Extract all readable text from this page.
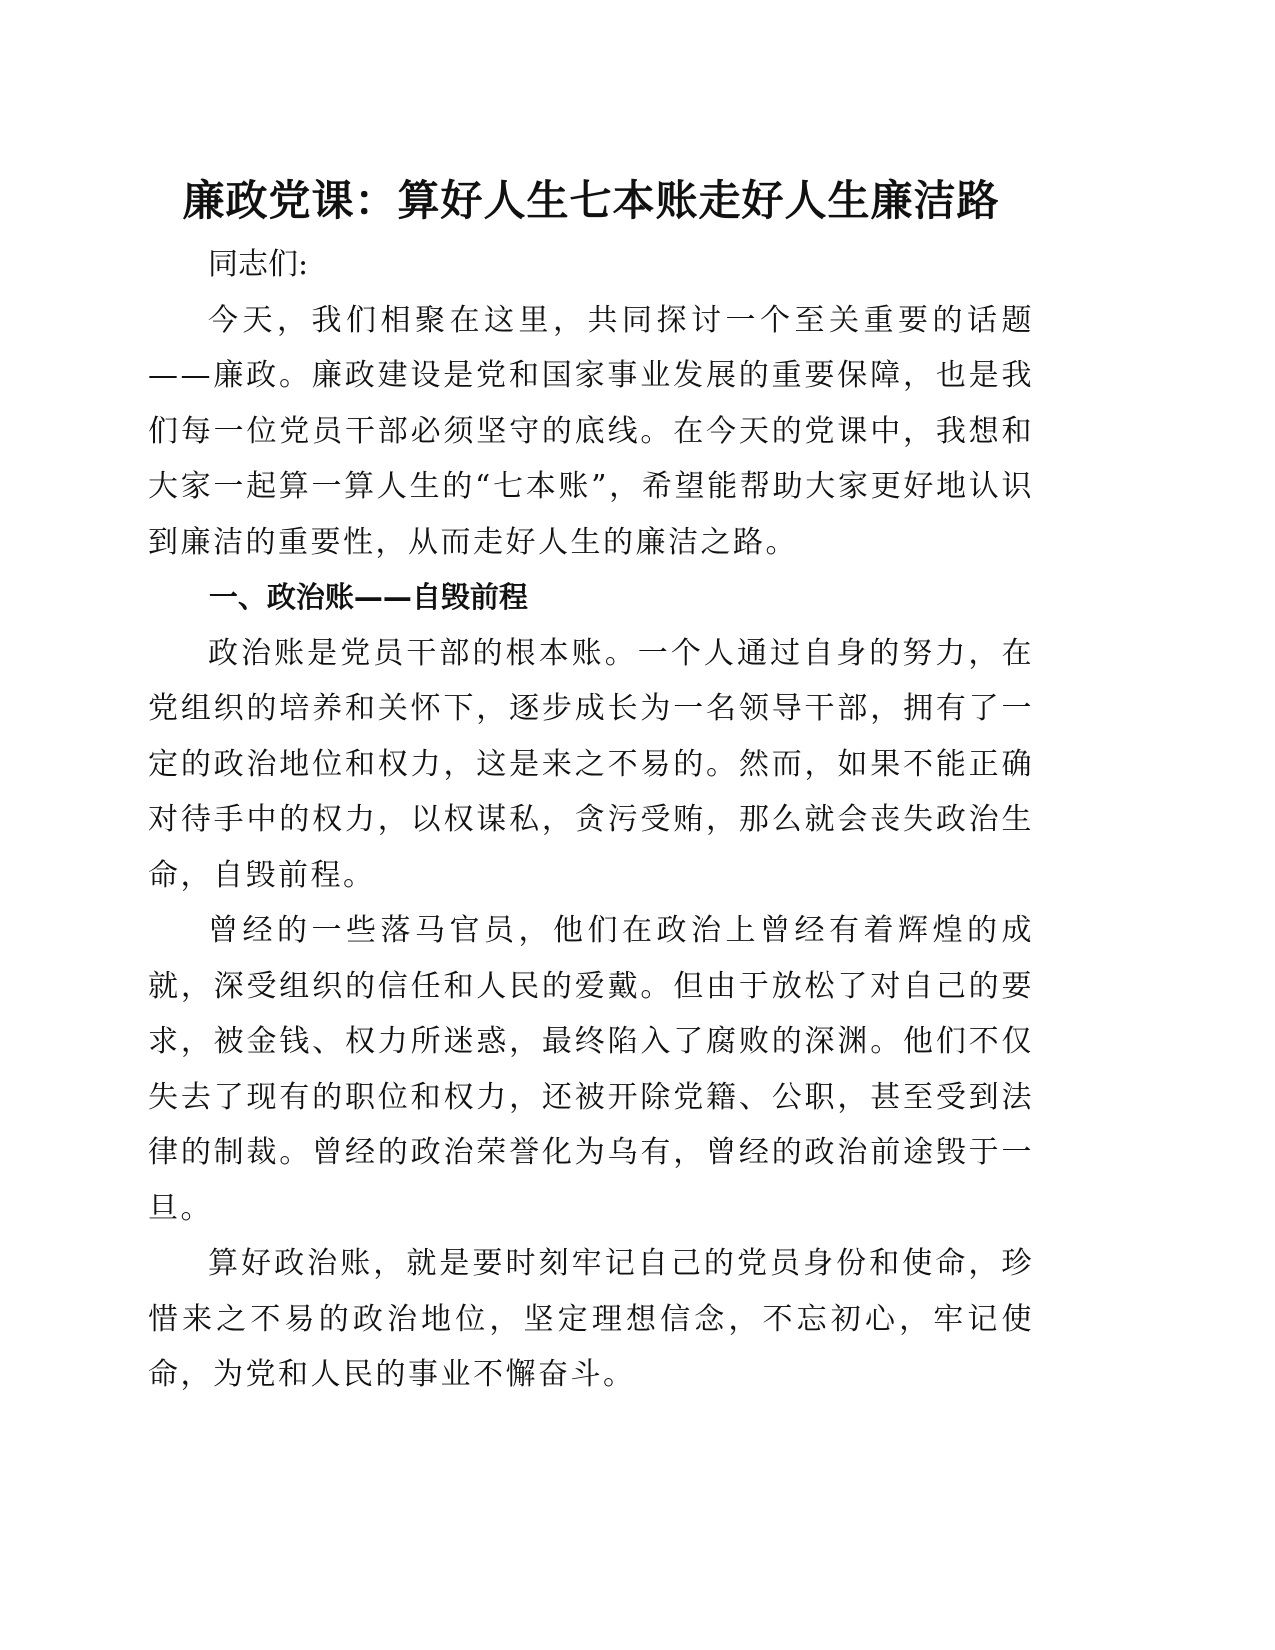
廉政党课：算好人生七本账走好人生廉洁路

同志们:

今天，我们相聚在这里，共同探讨一个至关重要的话题——廉政。廉政建设是党和国家事业发展的重要保障，也是我们每一位党员干部必须坚守的底线。在今天的党课中，我想和大家一起算一算人生的“七本账”，希望能帮助大家更好地认识到廉洁的重要性，从而走好人生的廉洁之路。

一、政治账——自毁前程

政治账是党员干部的根本账。一个人通过自身的努力，在党组织的培养和关怀下，逐步成长为一名领导干部，拥有了一定的政治地位和权力，这是来之不易的。然而，如果不能正确对待手中的权力，以权谋私，贪污受贿，那么就会丧失政治生命，自毁前程。

曾经的一些落马官员，他们在政治上曾经有着辉煌的成就，深受组织的信任和人民的爱戴。但由于放松了对自己的要求，被金钱、权力所迷惑，最终陷入了腐败的深渊。他们不仅失去了现有的职位和权力，还被开除党籍、公职，甚至受到法律的制裁。曾经的政治荣誉化为乌有，曾经的政治前途毁于一旦。

算好政治账，就是要时刻牢记自己的党员身份和使命，珍惜来之不易的政治地位，坚定理想信念，不忘初心，牢记使命，为党和人民的事业不懈奋斗。
